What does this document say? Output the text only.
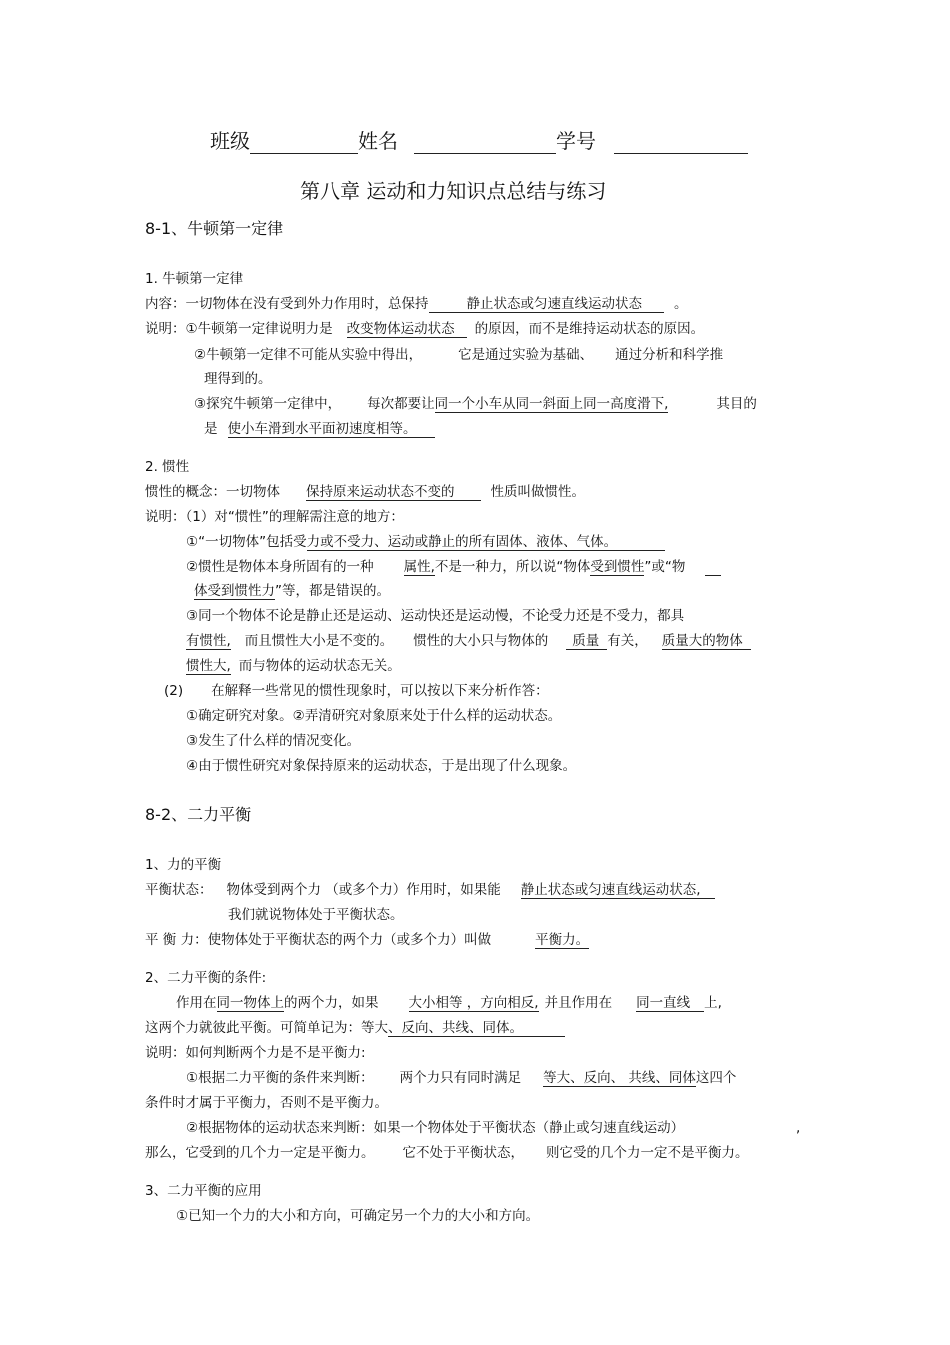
班级	姓名	学号
第八章 运动和力知识点总结与练习
8-1、牛顿第一定律
1. 牛顿第一定律
内容：一切物体在没有受到外力作用时，总保持	静止状态或匀速直线运动状态 。
说明：①牛顿第一定律说明力是 改变物体运动状态 的原因，而不是维持运动状态的原因。
②牛顿第一定律不可能从实验中得出，	它是通过实验为基础、 通过分析和科学推
理得到的。
③探究牛顿第一定律中， 每次都要让同一个小车从同一斜面上同一高度滑下,	其目的
是 使小车滑到水平面初速度相等。
2. 惯性
惯性的概念：一切物体 保持原来运动状态不变的	性质叫做惯性。
说明：（1）对“惯性”的理解需注意的地方：
①“一切物体”包括受力或不受力、运动或静止的所有固体、液体、气体。
②惯性是物体本身所固有的一种 属性,不是一种力，所以说“物体受到惯性”或“物
体受到惯性力”等，都是错误的。
③同一个物体不论是静止还是运动、运动快还是运动慢，不论受力还是不受力，都具
有惯性, 而且惯性大小是不变的。 惯性的大小只与物体的 质量 有关， 质量大的物体
惯性大, 而与物体的运动状态无关。
(2) 在解释一些常见的惯性现象时，可以按以下来分析作答：
①确定研究对象。②弄清研究对象原来处于什么样的运动状态。
③发生了什么样的情况变化。
④由于惯性研究对象保持原来的运动状态，于是出现了什么现象。
8-2、二力平衡
1、力的平衡
平衡状态： 物体受到两个力 （或多个力）作用时，如果能 静止状态或匀速直线运动状态,
我们就说物体处于平衡状态。
平 衡 力：使物体处于平衡状态的两个力（或多个力）叫做	平衡力。
2、二力平衡的条件:
作用在同一物体上的两个力，如果 大小相等 ，方向相反, 并且作用在 同一直线 上,
这两个力就彼此平衡。可简单记为：等大、反向、共线、同体。
说明：如何判断两个力是不是平衡力:
①根据二力平衡的条件来判断： 两个力只有同时满足 等大、反向、 共线、同体这四个
条件时才属于平衡力，否则不是平衡力。
②根据物体的运动状态来判断：如果一个物体处于平衡状态（静止或匀速直线运动）	,
那么，它受到的几个力一定是平衡力。 它不处于平衡状态， 则它受的几个力一定不是平衡力。
3、二力平衡的应用
①已知一个力的大小和方向，可确定另一个力的大小和方向。
